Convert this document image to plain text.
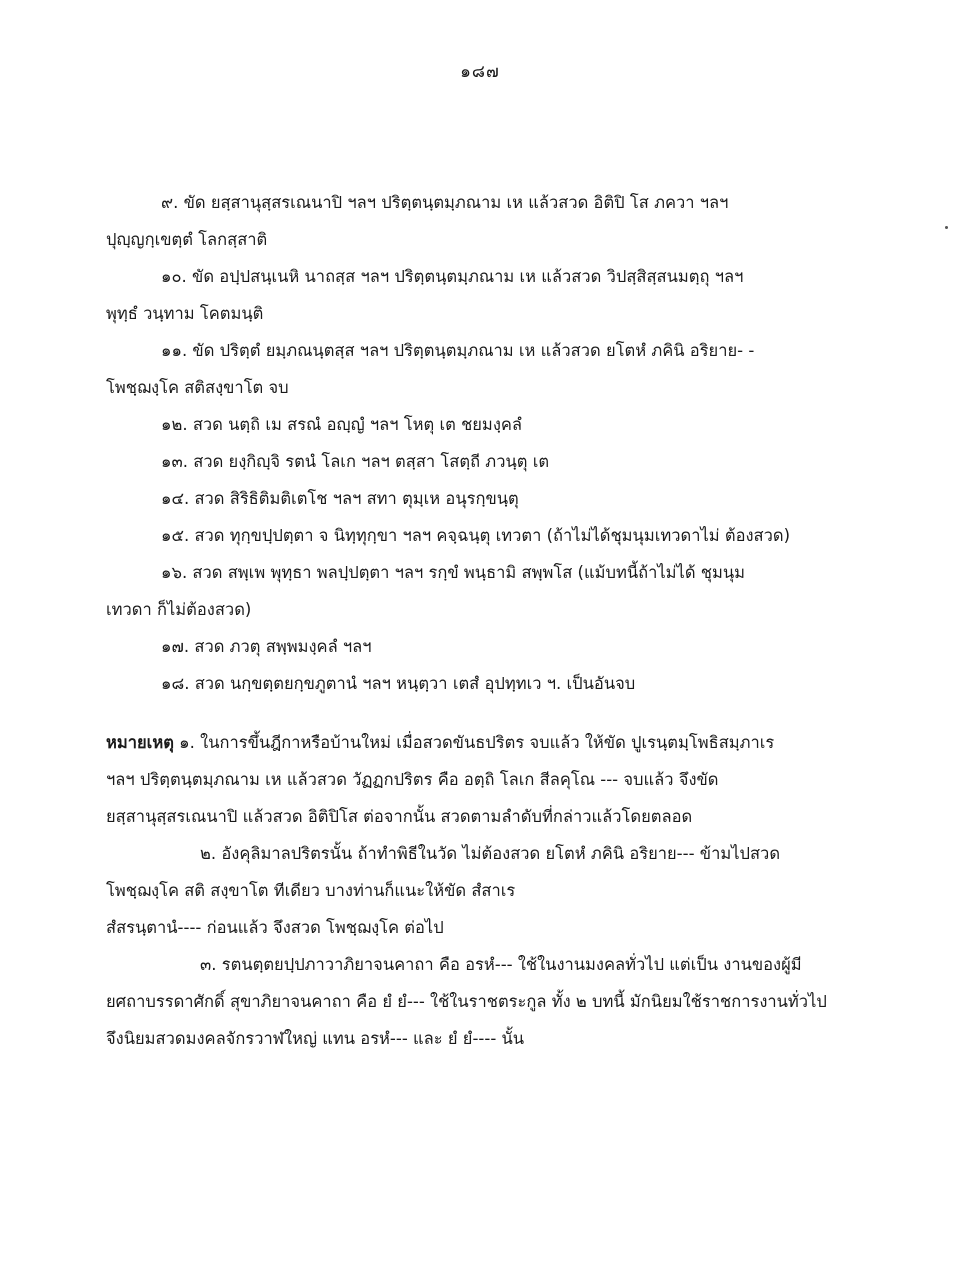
๑๘๗

๙. ขัด ยสฺสานุสฺสรเณนาปิ ฯลฯ ปริตฺตนฺตมฺภณาม เห แล้วสวด อิติปิ โส ภควา ฯลฯ

ปุญฺญกฺเขตฺตํ โลกสฺสาติ

๑๐. ขัด อปฺปสนฺเนหิ นาถสฺส ฯลฯ ปริตฺตนฺตมฺภณาม เห แล้วสวด วิปสฺสิสฺสนมตฺถุ ฯลฯ

พุทฺธํ วนฺทาม โคตมนฺติ

๑๑. ขัด ปริตฺตํ ยมฺภณนฺตสฺส ฯลฯ ปริตฺตนฺตมฺภณาม เห แล้วสวด ยโตหํ ภคินิ อริยาย- -

โพชฺฌงฺโค สติสงฺขาโต จบ

๑๒. สวด นตฺถิ เม สรณํ อญฺญํ ฯลฯ โหตุ เต ชยมงฺคลํ

๑๓. สวด ยงฺกิญฺจิ รตนํ โลเก ฯลฯ ตสฺสา โสตฺถี ภวนฺตุ เต

๑๔. สวด สิริธิติมติเตโช ฯลฯ สทา ตุมฺเห อนุรกฺขนฺตุ

๑๕. สวด ทุกฺขปฺปตฺตา จ นิทฺทุกฺขา ฯลฯ คจฺฉนฺตุ เทวตา (ถ้าไม่ได้ชุมนุมเทวดาไม่ ต้องสวด)

๑๖. สวด สพฺเพ พุทฺธา พลปฺปตฺตา ฯลฯ รกฺขํ พนฺธามิ สพฺพโส (แม้บทนี้ถ้าไม่ได้ ชุมนุม

เทวดา ก็ไม่ต้องสวด)

๑๗. สวด ภวตุ สพฺพมงฺคลํ ฯลฯ

๑๘. สวด นกฺขตฺตยกฺขภูตานํ ฯลฯ หนฺตฺวา เตสํ อุปทฺทเว ฯ. เป็นอันจบ

หมายเหตุ ๑. ในการขึ้นฎีกาหรือบ้านใหม่ เมื่อสวดขันธปริตร จบแล้ว ให้ขัด ปูเรนฺตมฺโพธิสมฺภาเร

ฯลฯ ปริตฺตนฺตมฺภณาม เห แล้วสวด วัฏฏกปริตร คือ อตฺถิ โลเก สีลคุโณ --- จบแล้ว จึงขัด

ยสฺสานุสฺสรเณนาปิ แล้วสวด อิติปิโส ต่อจากนั้น สวดตามลำดับที่กล่าวแล้วโดยตลอด

๒. อังคุลิมาลปริตรนั้น ถ้าทำพิธีในวัด ไม่ต้องสวด ยโตหํ ภคินิ อริยาย--- ข้ามไปสวด

โพชฺฌงฺโค สติ สงฺขาโต ทีเดียว บางท่านก็แนะให้ขัด สํสาเร

สํสรนฺตานํ---- ก่อนแล้ว จึงสวด โพชฺฌงฺโค ต่อไป

๓. รตนตฺตยปฺปภาวาภิยาจนคาถา คือ อรหํ--- ใช้ในงานมงคลทั่วไป แต่เป็น งานของผู้มี

ยศถาบรรดาศักดิ์ สุขาภิยาจนคาถา คือ ยํ ยํ--- ใช้ในราชตระกูล ทั้ง ๒ บทนี้ มักนิยมใช้ราชการงานทั่วไป

จึงนิยมสวดมงคลจักรวาฬใหญ่ แทน อรหํ--- และ ยํ ยํ---- นั้น
